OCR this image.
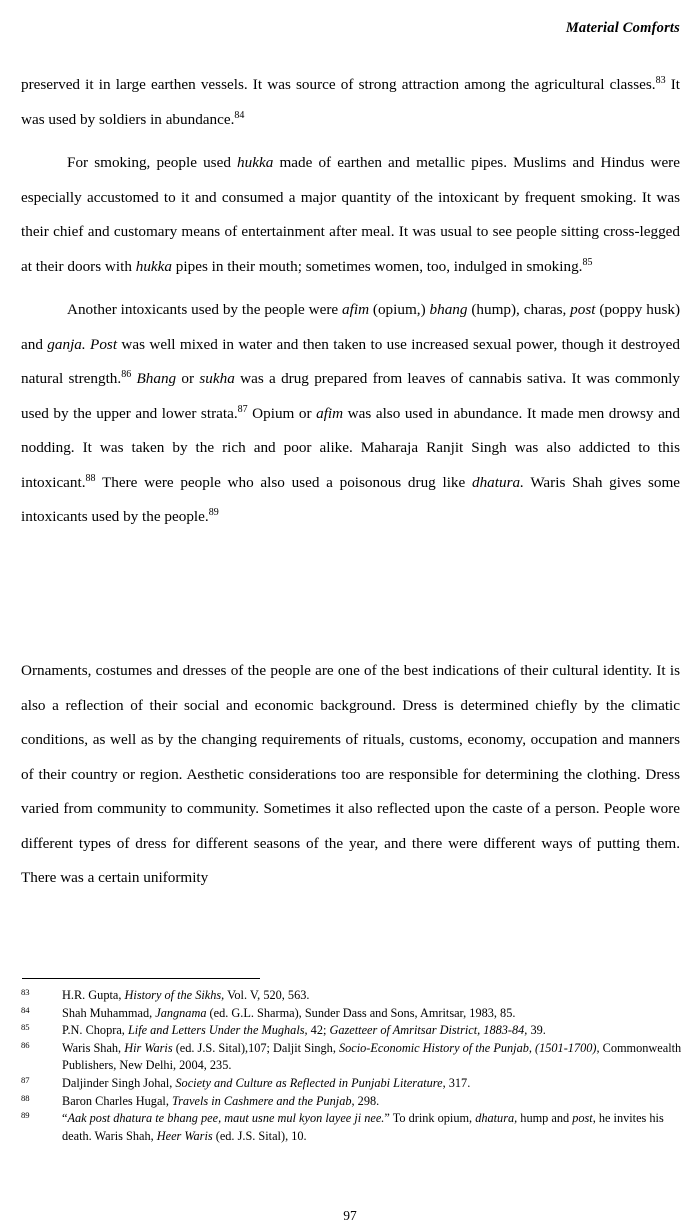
Material Comforts

preserved it in large earthen vessels. It was source of strong attraction among the agricultural classes.$^{83}$ It was used by soldiers in abundance.$^{84}$

For smoking, people used hukka made of earthen and metallic pipes. Muslims and Hindus were especially accustomed to it and consumed a major quantity of the intoxicant by frequent smoking. It was their chief and customary means of entertainment after meal. It was usual to see people sitting cross-legged at their doors with hukka pipes in their mouth; sometimes women, too, indulged in smoking.$^{85}$

Another intoxicants used by the people were afim (opium,) bhang (hump), charas, post (poppy husk) and ganja. Post was well mixed in water and then taken to use increased sexual power, though it destroyed natural strength.$^{86}$ Bhang or sukha was a drug prepared from leaves of cannabis sativa. It was commonly used by the upper and lower strata.$^{87}$ Opium or afim was also used in abundance. It made men drowsy and nodding. It was taken by the rich and poor alike. Maharaja Ranjit Singh was also addicted to this intoxicant.$^{88}$ There were people who also used a poisonous drug like dhatura. Waris Shah gives some intoxicants used by the people.$^{89}$

Ornaments, costumes and dresses of the people are one of the best indications of their cultural identity. It is also a reflection of their social and economic background. Dress is determined chiefly by the climatic conditions, as well as by the changing requirements of rituals, customs, economy, occupation and manners of their country or region. Aesthetic considerations too are responsible for determining the clothing. Dress varied from community to community. Sometimes it also reflected upon the caste of a person. People wore different types of dress for different seasons of the year, and there were different ways of putting them. There was a certain uniformity

83	H.R. Gupta, History of the Sikhs, Vol. V, 520, 563.
84	Shah Muhammad, Jangnama (ed. G.L. Sharma), Sunder Dass and Sons, Amritsar, 1983, 85.
85	P.N. Chopra, Life and Letters Under the Mughals, 42; Gazetteer of Amritsar District, 1883-84, 39.
86	Waris Shah, Hir Waris (ed. J.S. Sital),107; Daljit Singh, Socio-Economic History of the Punjab, (1501-1700), Commonwealth Publishers, New Delhi, 2004, 235.
87	Daljinder Singh Johal, Society and Culture as Reflected in Punjabi Literature, 317.
88	Baron Charles Hugal, Travels in Cashmere and the Punjab, 298.
89	“Aak post dhatura te bhang pee, maut usne mul kyon layee ji nee.” To drink opium, dhatura, hump and post, he invites his death. Waris Shah, Heer Waris (ed. J.S. Sital), 10.
97
